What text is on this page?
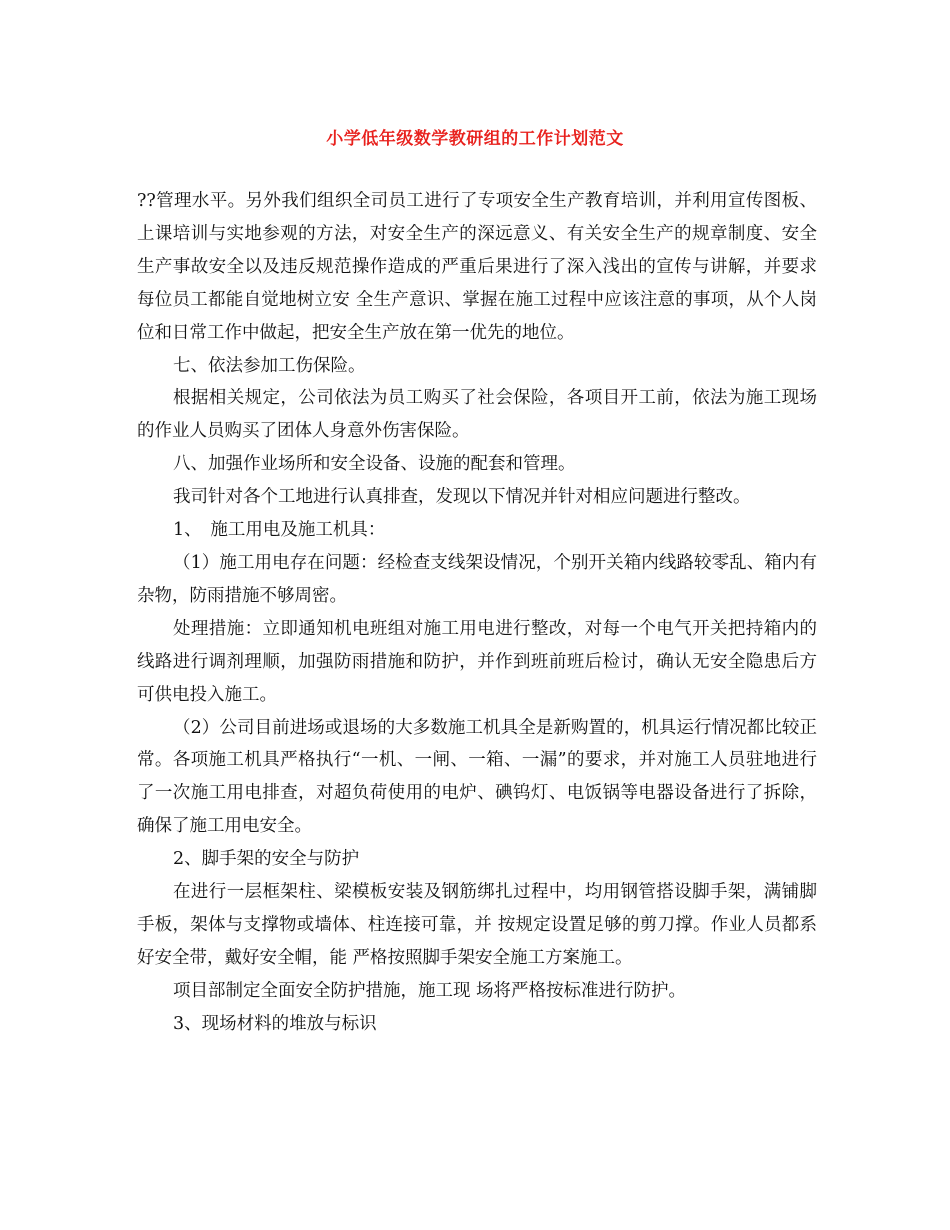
小学低年级数学教研组的工作计划范文

??管理水平。另外我们组织全司员工进行了专项安全生产教育培训，并利用宣传图板、上课培训与实地参观的方法，对安全生产的深远意义、有关安全生产的规章制度、安全生产事故安全以及违反规范操作造成的严重后果进行了深入浅出的宣传与讲解，并要求每位员工都能自觉地树立安 全生产意识、掌握在施工过程中应该注意的事项，从个人岗位和日常工作中做起，把安全生产放在第一优先的地位。

七、依法参加工伤保险。

根据相关规定，公司依法为员工购买了社会保险，各项目开工前，依法为施工现场的作业人员购买了团体人身意外伤害保险。

八、加强作业场所和安全设备、设施的配套和管理。

我司针对各个工地进行认真排查，发现以下情况并针对相应问题进行整改。

1、　施工用电及施工机具：

（1）施工用电存在问题：经检查支线架设情况，个别开关箱内线路较零乱、箱内有杂物，防雨措施不够周密。

处理措施：立即通知机电班组对施工用电进行整改，对每一个电气开关把持箱内的线路进行调剂理顺，加强防雨措施和防护，并作到班前班后检讨，确认无安全隐患后方可供电投入施工。

（2）公司目前进场或退场的大多数施工机具全是新购置的，机具运行情况都比较正常。各项施工机具严格执行“一机、一闸、一箱、一漏”的要求，并对施工人员驻地进行了一次施工用电排查，对超负荷使用的电炉、碘钨灯、电饭锅等电器设备进行了拆除，确保了施工用电安全。

2、脚手架的安全与防护

在进行一层框架柱、梁模板安装及钢筋绑扎过程中，均用钢管搭设脚手架，满铺脚手板，架体与支撑物或墙体、柱连接可靠，并 按规定设置足够的剪刀撑。作业人员都系好安全带，戴好安全帽，能 严格按照脚手架安全施工方案施工。

项目部制定全面安全防护措施，施工现 场将严格按标准进行防护。

3、现场材料的堆放与标识
